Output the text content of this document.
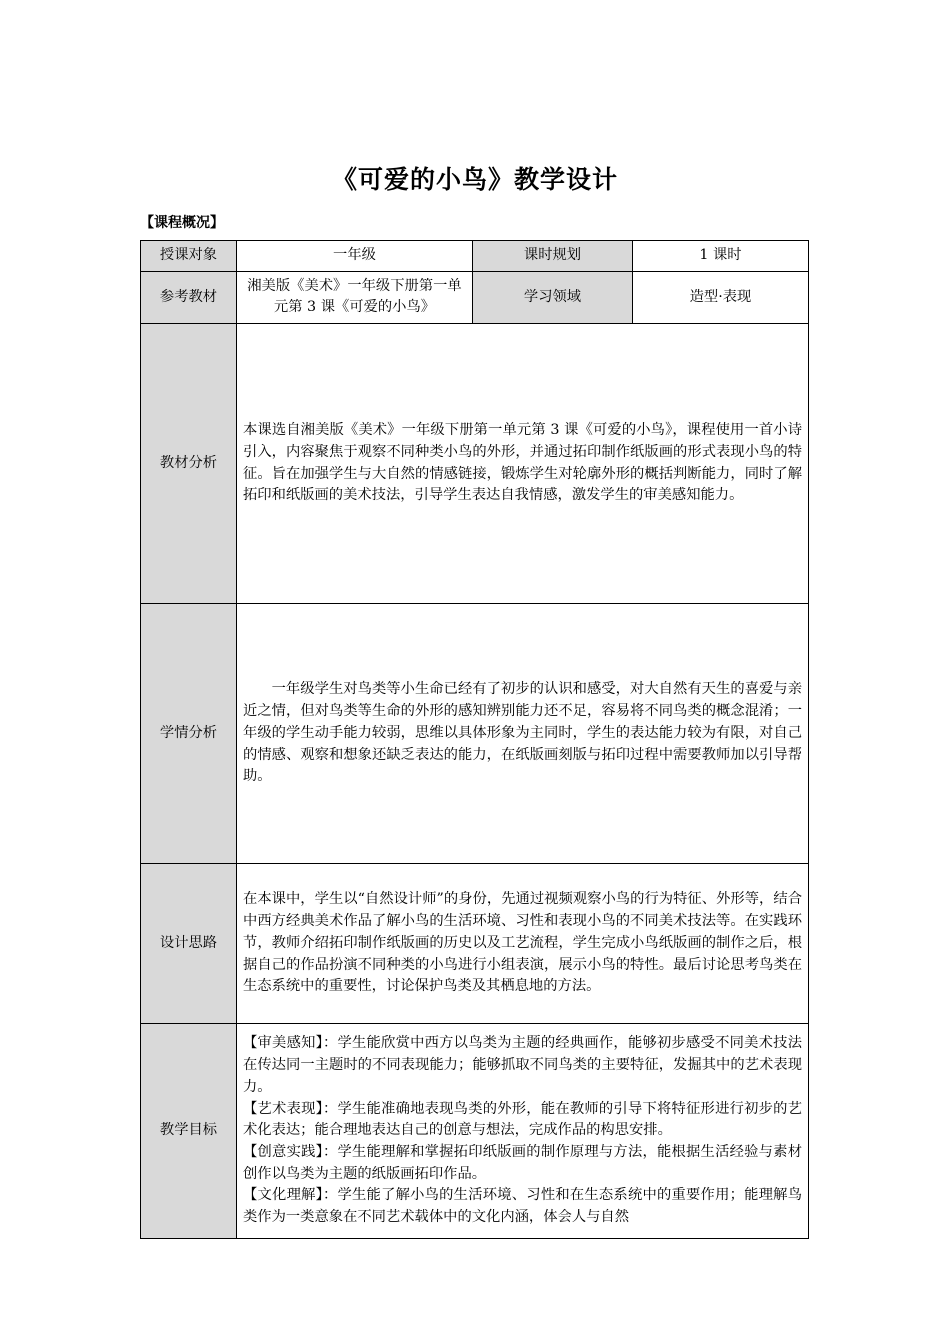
《可爱的小鸟》教学设计
【课程概况】
授课对象	一年级	课时规划	1 课时
参考教材	湘美版《美术》一年级下册第一单元第 3 课《可爱的小鸟》	学习领域	造型·表现
教材分析	本课选自湘美版《美术》一年级下册第一单元第 3 课《可爱的小鸟》，课程使用一首小诗引入，内容聚焦于观察不同种类小鸟的外形，并通过拓印制作纸版画的形式表现小鸟的特征。旨在加强学生与大自然的情感链接，锻炼学生对轮廓外形的概括判断能力，同时了解拓印和纸版画的美术技法，引导学生表达自我情感，激发学生的审美感知能力。		
学情分析	一年级学生对鸟类等小生命已经有了初步的认识和感受，对大自然有天生的喜爱与亲近之情，但对鸟类等生命的外形的感知辨别能力还不足，容易将不同鸟类的概念混淆；一年级的学生动手能力较弱，思维以具体形象为主同时，学生的表达能力较为有限，对自己的情感、观察和想象还缺乏表达的能力，在纸版画刻版与拓印过程中需要教师加以引导帮助。		

设计思路	在本课中，学生以“自然设计师”的身份，先通过视频观察小鸟的行为特征、外形等，结合中西方经典美术作品了解小鸟的生活环境、习性和表现小鸟的不同美术技法等。在实践环节，教师介绍拓印制作纸版画的历史以及工艺流程，学生完成小鸟纸版画的制作之后，根据自己的作品扮演不同种类的小鸟进行小组表演，展示小鸟的特性。最后讨论思考鸟类在生态系统中的重要性，讨论保护鸟类及其栖息地的方法。		
教学目标	【审美感知】：学生能欣赏中西方以鸟类为主题的经典画作，能够初步感受不同美术技法在传达同一主题时的不同表现能力；能够抓取不同鸟类的主要特征，发掘其中的艺术表现力。

【艺术表现】：学生能准确地表现鸟类的外形，能在教师的引导下将特征形进行初步的艺术化表达；能合理地表达自己的创意与想法，完成作品的构思安排。

【创意实践】：学生能理解和掌握拓印纸版画的制作原理与方法，能根据生活经验与素材创作以鸟类为主题的纸版画拓印作品。

【文化理解】：学生能了解小鸟的生活环境、习性和在生态系统中的重要作用；能理解鸟类作为一类意象在不同艺术载体中的文化内涵，体会人与自然		
